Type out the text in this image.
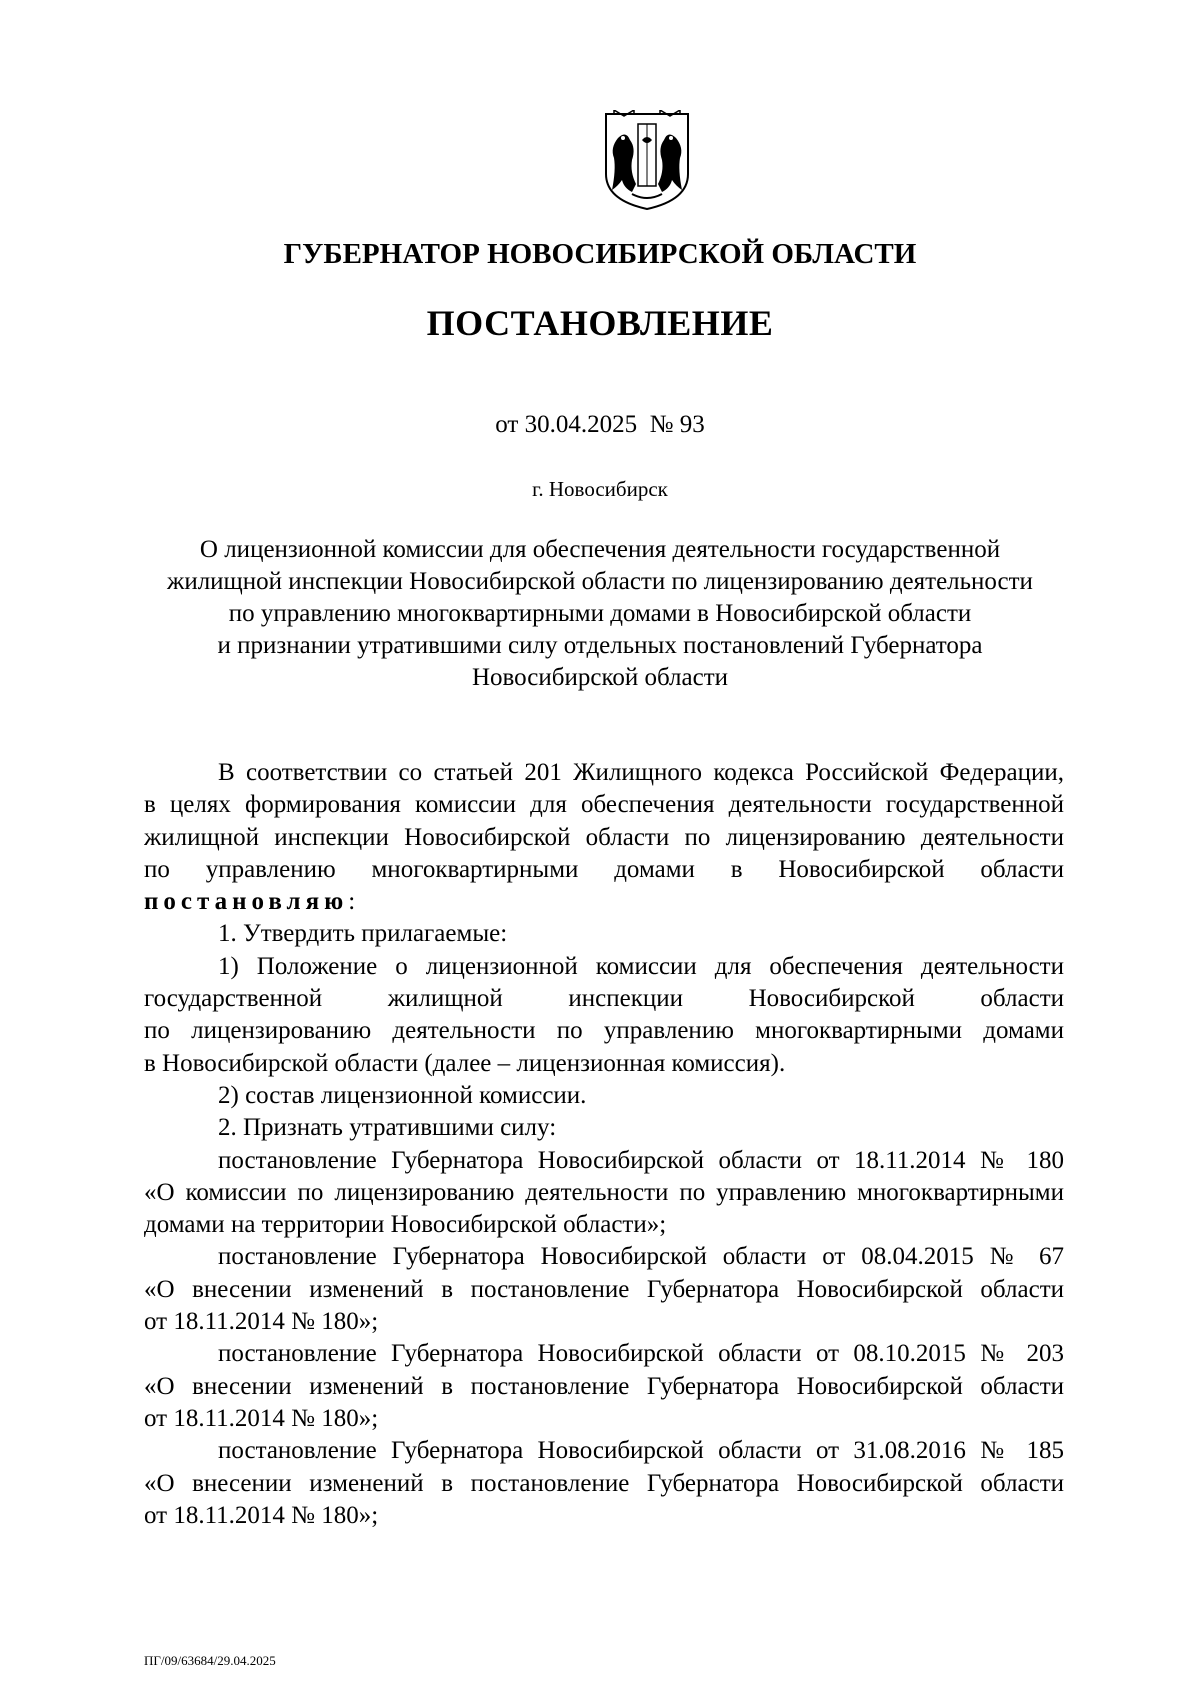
ГУБЕРНАТОР НОВОСИБИРСКОЙ ОБЛАСТИ
ПОСТАНОВЛЕНИЕ
от 30.04.2025  № 93
г. Новосибирск
О лицензионной комиссии для обеспечения деятельности государственной
жилищной инспекции Новосибирской области по лицензированию деятельности
по управлению многоквартирными домами в Новосибирской области
и признании утратившими силу отдельных постановлений Губернатора
Новосибирской области
В соответствии со статьей 201 Жилищного кодекса Российской Федерации,
в целях формирования комиссии для обеспечения деятельности государственной
жилищной инспекции Новосибирской области по лицензированию деятельности
по управлению многоквартирными домами в Новосибирской области
постановляю:
1. Утвердить прилагаемые:
1) Положение о лицензионной комиссии для обеспечения деятельности
государственной жилищной инспекции Новосибирской области
по лицензированию деятельности по управлению многоквартирными домами
в Новосибирской области (далее – лицензионная комиссия).
2) состав лицензионной комиссии.
2. Признать утратившими силу:
постановление Губернатора Новосибирской области от 18.11.2014 № 180
«О комиссии по лицензированию деятельности по управлению многоквартирными
домами на территории Новосибирской области»;
постановление Губернатора Новосибирской области от 08.04.2015 № 67
«О внесении изменений в постановление Губернатора Новосибирской области
от 18.11.2014 № 180»;
постановление Губернатора Новосибирской области от 08.10.2015 № 203
«О внесении изменений в постановление Губернатора Новосибирской области
от 18.11.2014 № 180»;
постановление Губернатора Новосибирской области от 31.08.2016 № 185
«О внесении изменений в постановление Губернатора Новосибирской области
от 18.11.2014 № 180»;
ПГ/09/63684/29.04.2025
